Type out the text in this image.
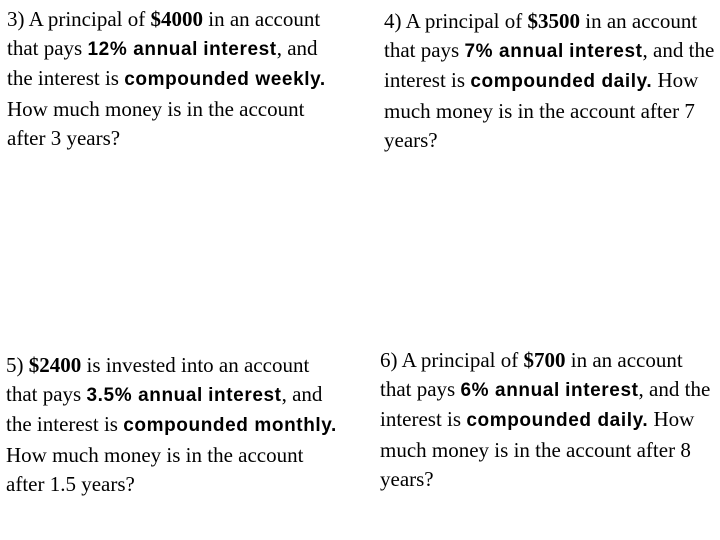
3) A principal of $4000 in an account that pays 12% annual interest, and the interest is compounded weekly. How much money is in the account after 3 years?

4) A principal of $3500 in an account that pays 7% annual interest, and the interest is compounded daily. How much money is in the account after 7 years?

5) $2400 is invested into an account that pays 3.5% annual interest, and the interest is compounded monthly. How much money is in the account after 1.5 years?

6) A principal of $700 in an account that pays 6% annual interest, and the interest is compounded daily. How much money is in the account after 8 years?
